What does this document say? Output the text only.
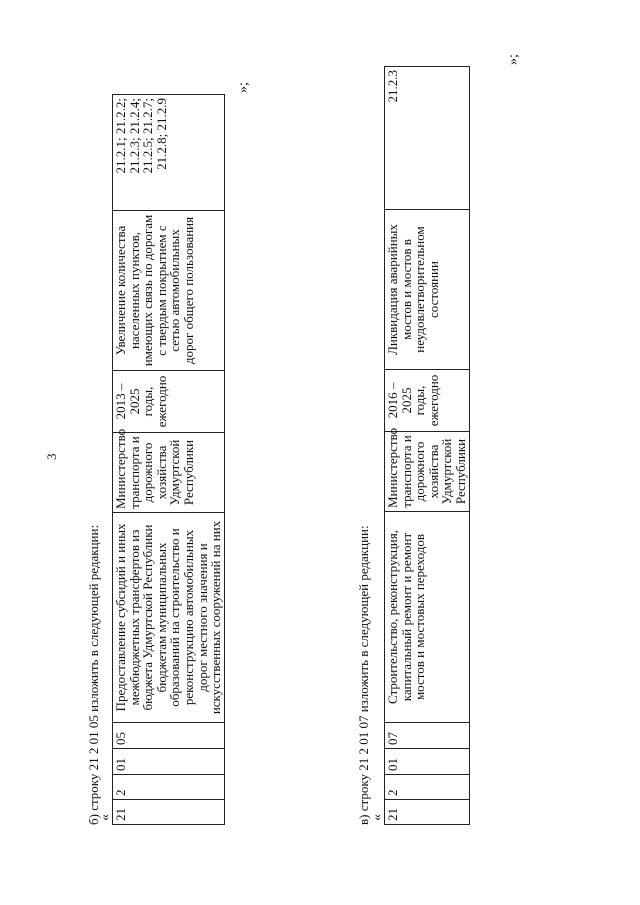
3
б) строку 21 2 01 05 изложить в следующей редакции:
« 21	2	01	05	Предоставление субсидий и иных межбюджетных трансфертов из бюджета Удмуртской Республики бюджетам муниципальных образований на строительство и реконструкцию автомобильных дорог местного значения и искусственных сооружений на них	Министерство транспорта и дорожного хозяйства Удмуртской Республики	2013 – 2025 годы, ежегодно	Увеличение количества населенных пунктов, имеющих связь по дорогам с твердым покрытием с сетью автомобильных дорог общего пользования	21.2.1; 21.2.2; 21.2.3; 21.2.4; 21.2.5; 21.2.7; 21.2.8; 21.2.9
»;
в) строку 21 2 01 07 изложить в следующей редакции: « 21	2	01	07	Строительство, реконструкция, капитальный ремонт и ремонт мостов и мостовых переходов	Министерство транспорта и дорожного хозяйства Удмуртской Республики	2016 – 2025 годы, ежегодно	Ликвидация аварийных мостов и мостов в неудовлетворительном состоянии	21.2.3
»;
